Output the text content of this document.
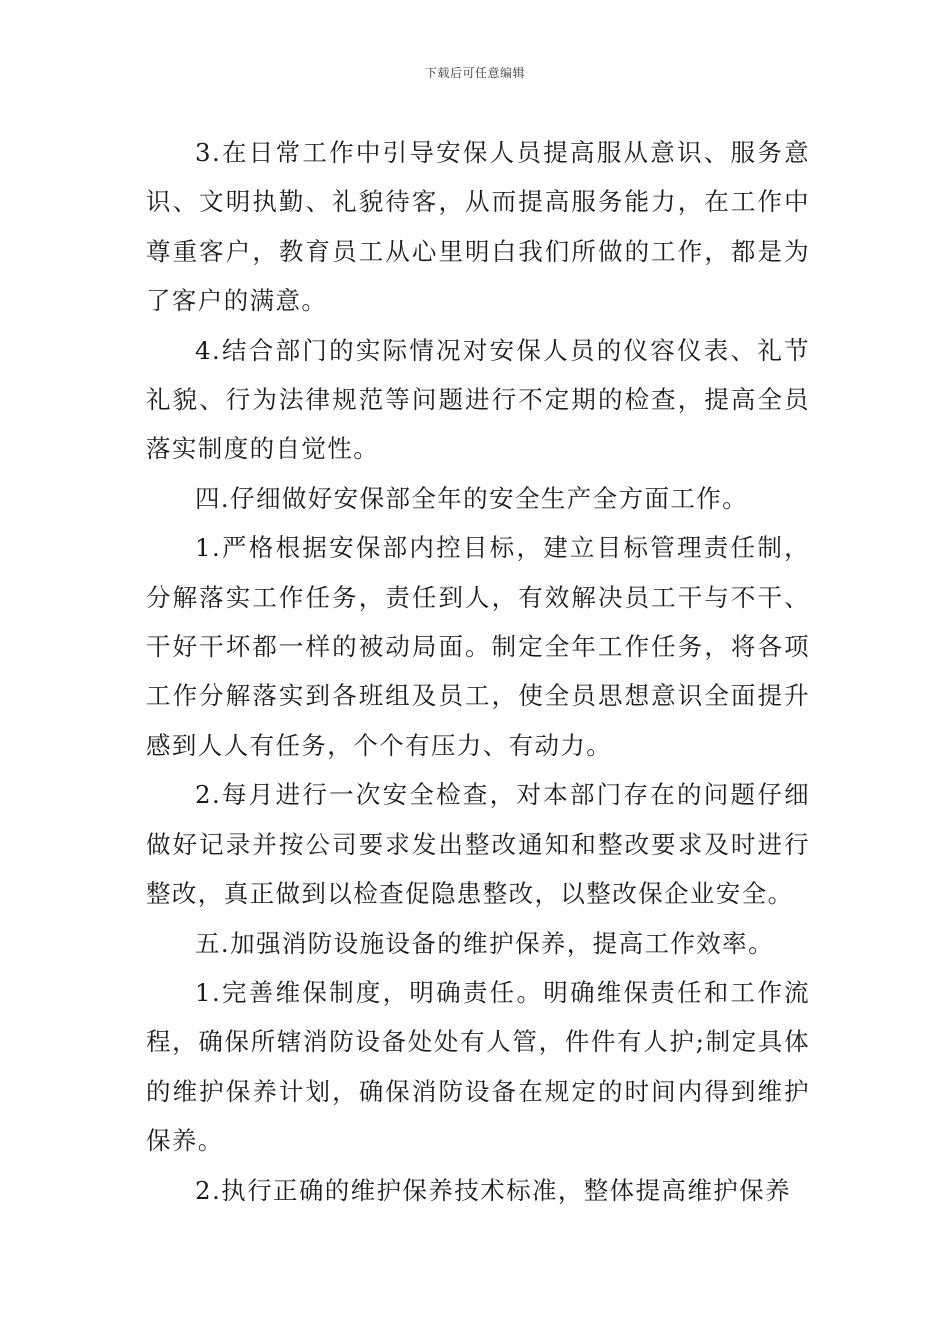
下载后可任意编辑

3.在日常工作中引导安保人员提高服从意识、服务意识、文明执勤、礼貌待客，从而提高服务能力，在工作中尊重客户，教育员工从心里明白我们所做的工作，都是为了客户的满意。

4.结合部门的实际情况对安保人员的仪容仪表、礼节礼貌、行为法律规范等问题进行不定期的检查，提高全员落实制度的自觉性。

四.仔细做好安保部全年的安全生产全方面工作。

1.严格根据安保部内控目标，建立目标管理责任制，分解落实工作任务，责任到人，有效解决员工干与不干、干好干坏都一样的被动局面。制定全年工作任务，将各项工作分解落实到各班组及员工，使全员思想意识全面提升感到人人有任务，个个有压力、有动力。

2.每月进行一次安全检查，对本部门存在的问题仔细做好记录并按公司要求发出整改通知和整改要求及时进行整改，真正做到以检查促隐患整改，以整改保企业安全。

五.加强消防设施设备的维护保养，提高工作效率。

1.完善维保制度，明确责任。明确维保责任和工作流程，确保所辖消防设备处处有人管，件件有人护;制定具体的维护保养计划，确保消防设备在规定的时间内得到维护保养。

2.执行正确的维护保养技术标准，整体提高维护保养
